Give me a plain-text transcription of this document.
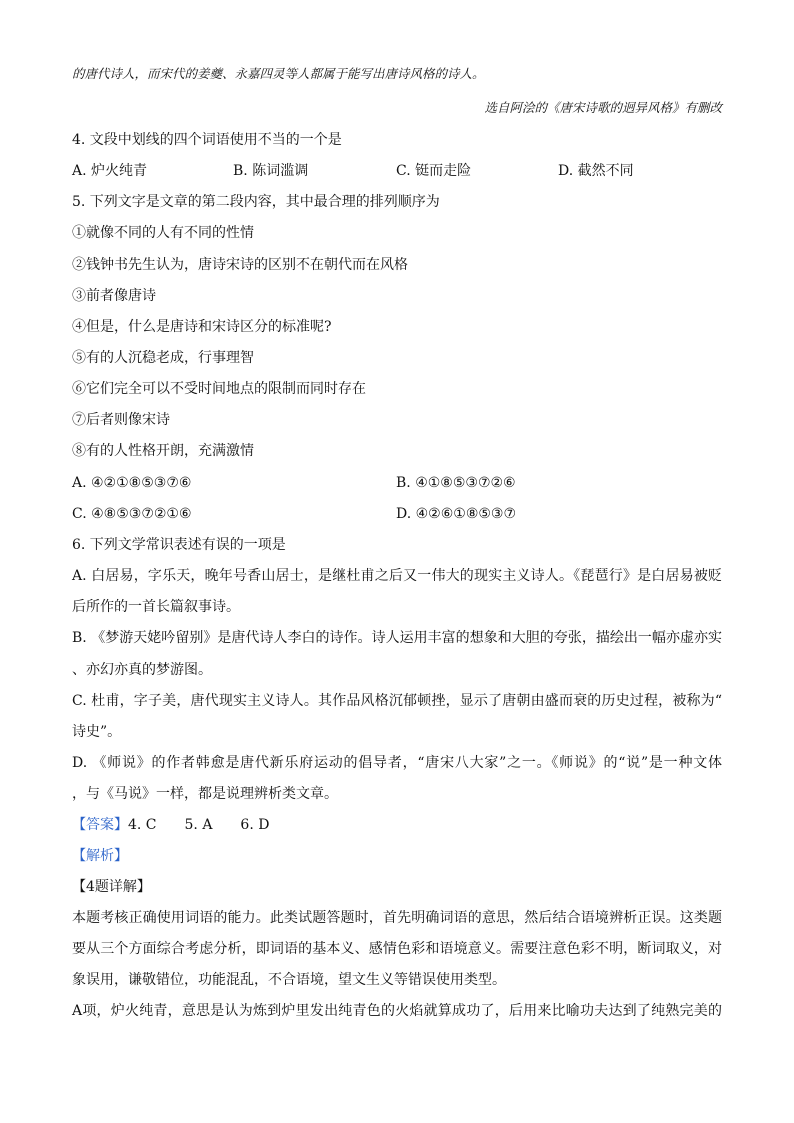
的唐代诗人，而宋代的姜夔、永嘉四灵等人都属于能写出唐诗风格的诗人。
选自阿浍的《唐宋诗歌的迥异风格》有删改
4. 文段中划线的四个词语使用不当的一个是
A. 炉火纯青	B. 陈词滥调	C. 铤而走险	D. 截然不同
5. 下列文字是文章的第二段内容，其中最合理的排列顺序为
①就像不同的人有不同的性情
②钱钟书先生认为，唐诗宋诗的区别不在朝代而在风格
③前者像唐诗
④但是，什么是唐诗和宋诗区分的标准呢?
⑤有的人沉稳老成，行事理智
⑥它们完全可以不受时间地点的限制而同时存在
⑦后者则像宋诗
⑧有的人性格开朗，充满激情
A. ④②①⑧⑤③⑦⑥	B. ④①⑧⑤③⑦②⑥
C. ④⑧⑤③⑦②①⑥	D. ④②⑥①⑧⑤③⑦
6. 下列文学常识表述有误的一项是
A. 白居易，字乐天，晚年号香山居士，是继杜甫之后又一伟大的现实主义诗人。《琵琶行》是白居易被贬
后所作的一首长篇叙事诗。
B. 《梦游天姥吟留别》是唐代诗人李白的诗作。诗人运用丰富的想象和大胆的夸张，描绘出一幅亦虚亦实
、亦幻亦真的梦游图。
C. 杜甫，字子美，唐代现实主义诗人。其作品风格沉郁顿挫，显示了唐朝由盛而衰的历史过程，被称为“
诗史”。
D. 《师说》的作者韩愈是唐代新乐府运动的倡导者，“唐宋八大家”之一。《师说》的“说”是一种文体
，与《马说》一样，都是说理辨析类文章。
【答案】4. C　　5. A　　6. D
【解析】
【4题详解】
本题考核正确使用词语的能力。此类试题答题时，首先明确词语的意思，然后结合语境辨析正误。这类题
要从三个方面综合考虑分析，即词语的基本义、感情色彩和语境意义。需要注意色彩不明，断词取义，对
象误用，谦敬错位，功能混乱，不合语境，望文生义等错误使用类型。
A项，炉火纯青，意思是认为炼到炉里发出纯青色的火焰就算成功了，后用来比喻功夫达到了纯熟完美的
